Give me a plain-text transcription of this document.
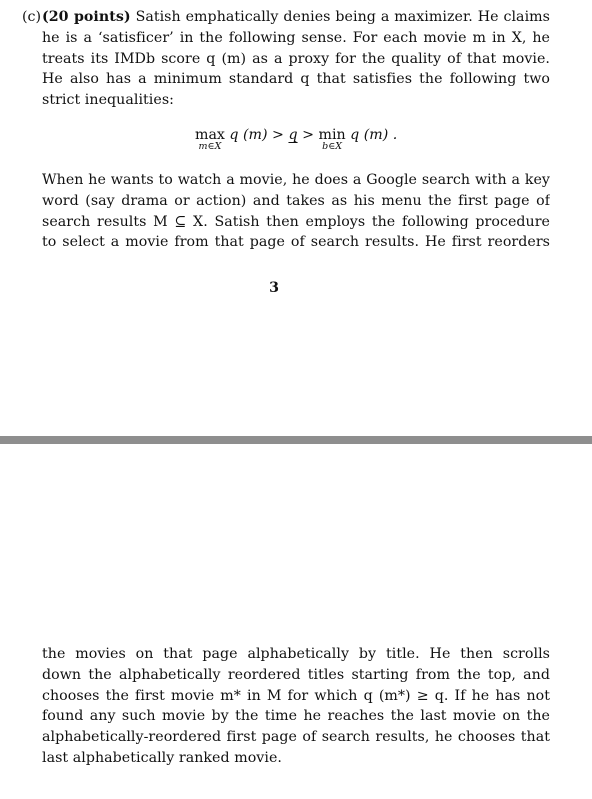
(c) (20 points) Satish emphatically denies being a maximizer. He claims
he is a ‘satisficer’ in the following sense. For each movie m in X, he
treats its IMDb score q (m) as a proxy for the quality of that movie.
He also has a minimum standard q that satisfies the following two
strict inequalities:
max
m∈X
q (m) > q > min
b∈X
q (m) .
When he wants to watch a movie, he does a Google search with a key
word (say drama or action) and takes as his menu the first page of
search results M ⊆ X. Satish then employs the following procedure
to select a movie from that page of search results. He first reorders
3
the movies on that page alphabetically by title. He then scrolls
down the alphabetically reordered titles starting from the top, and
chooses the first movie m* in M for which q (m*) ≥ q. If he has not
found any such movie by the time he reaches the last movie on the
alphabetically-reordered first page of search results, he chooses that
last alphabetically ranked movie.
